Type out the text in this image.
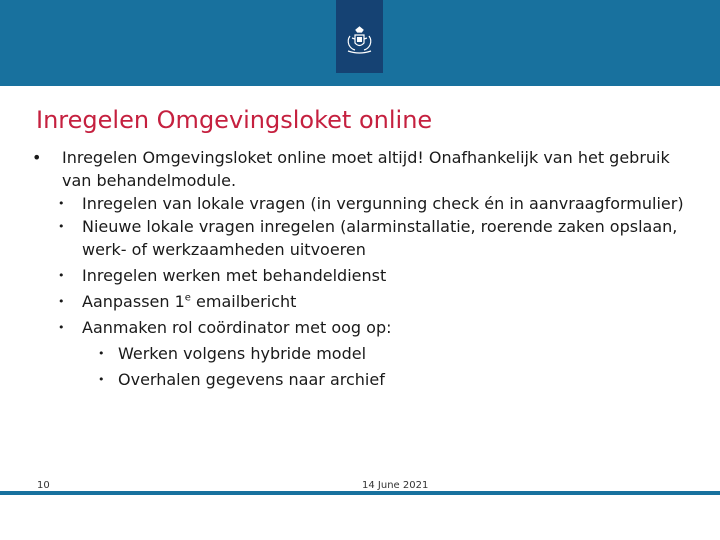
Inregelen Omgevingsloket online
• Inregelen Omgevingsloket online moet altijd! Onafhankelijk van het gebruik van behandelmodule.
• Inregelen van lokale vragen (in vergunning check én in aanvraagformulier)
• Nieuwe lokale vragen inregelen (alarminstallatie, roerende zaken opslaan, werk- of werkzaamheden uitvoeren
• Inregelen werken met behandeldienst
• Aanpassen 1e emailbericht
• Aanmaken rol coördinator met oog op:
• Werken volgens hybride model
• Overhalen gegevens naar archief
10	14 June 2021
